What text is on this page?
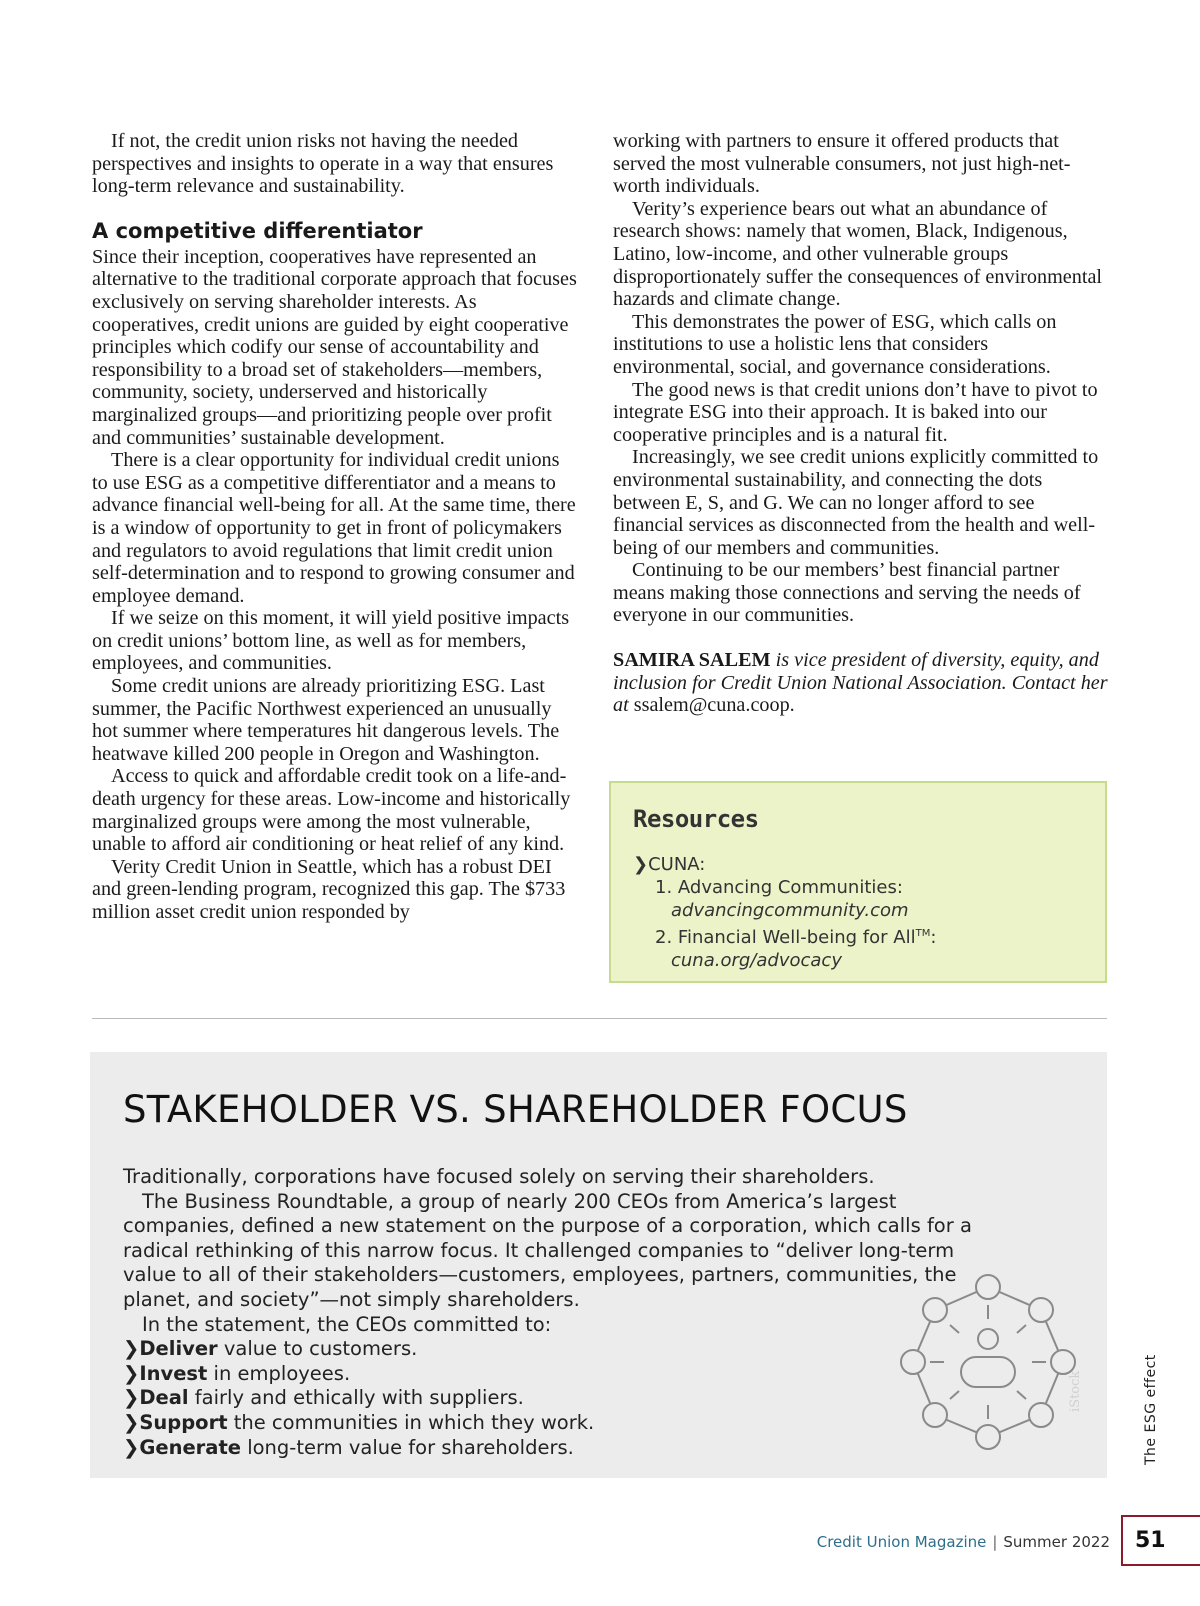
If not, the credit union risks not having the needed perspectives and insights to operate in a way that ensures long-term relevance and sustainability.

A competitive differentiator

Since their inception, cooperatives have represented an alternative to the traditional corporate approach that focuses exclusively on serving shareholder interests. As cooperatives, credit unions are guided by eight cooperative principles which codify our sense of accountability and responsibility to a broad set of stakeholders—members, community, society, underserved and historically marginalized groups—and prioritizing people over profit and communities’ sustainable development.

There is a clear opportunity for individual credit unions to use ESG as a competitive differentiator and a means to advance financial well-being for all. At the same time, there is a window of opportunity to get in front of policymakers and regulators to avoid regulations that limit credit union self-determination and to respond to growing consumer and employee demand.

If we seize on this moment, it will yield positive impacts on credit unions’ bottom line, as well as for members, employees, and communities.

Some credit unions are already prioritizing ESG. Last summer, the Pacific Northwest experienced an unusually hot summer where temperatures hit dangerous levels. The heatwave killed 200 people in Oregon and Washington.

Access to quick and affordable credit took on a life-and-death urgency for these areas. Low-income and historically marginalized groups were among the most vulnerable, unable to afford air conditioning or heat relief of any kind.

Verity Credit Union in Seattle, which has a robust DEI and green-lending program, recognized this gap. The $733 million asset credit union responded by

working with partners to ensure it offered products that served the most vulnerable consumers, not just high-net-worth individuals.

Verity’s experience bears out what an abundance of research shows: namely that women, Black, Indigenous, Latino, low-income, and other vulnerable groups disproportionately suffer the consequences of environmental hazards and climate change.

This demonstrates the power of ESG, which calls on institutions to use a holistic lens that considers environmental, social, and governance considerations.

The good news is that credit unions don’t have to pivot to integrate ESG into their approach. It is baked into our cooperative principles and is a natural fit.

Increasingly, we see credit unions explicitly committed to environmental sustainability, and connecting the dots between E, S, and G. We can no longer afford to see financial services as disconnected from the health and well-being of our members and communities.

Continuing to be our members’ best financial partner means making those connections and serving the needs of everyone in our communities.

SAMIRA SALEM is vice president of diversity, equity, and inclusion for Credit Union National Association. Contact her at ssalem@cuna.coop.

Resources
❯CUNA:
1. Advancing Communities:
advancingcommunity.com
2. Financial Well-being for All™:
cuna.org/advocacy
STAKEHOLDER VS. SHAREHOLDER FOCUS

Traditionally, corporations have focused solely on serving their shareholders.

The Business Roundtable, a group of nearly 200 CEOs from America’s largest companies, defined a new statement on the purpose of a corporation, which calls for a radical rethinking of this narrow focus. It challenged companies to “deliver long-term value to all of their stakeholders—customers, employees, partners, communities, the planet, and society”—not simply shareholders.

In the statement, the CEOs committed to:

❯Deliver value to customers.

❯Invest in employees.

❯Deal fairly and ethically with suppliers.

❯Support the communities in which they work.

❯Generate long-term value for shareholders.

iStock	The ESG effect
Credit Union Magazine | Summer 2022	51
